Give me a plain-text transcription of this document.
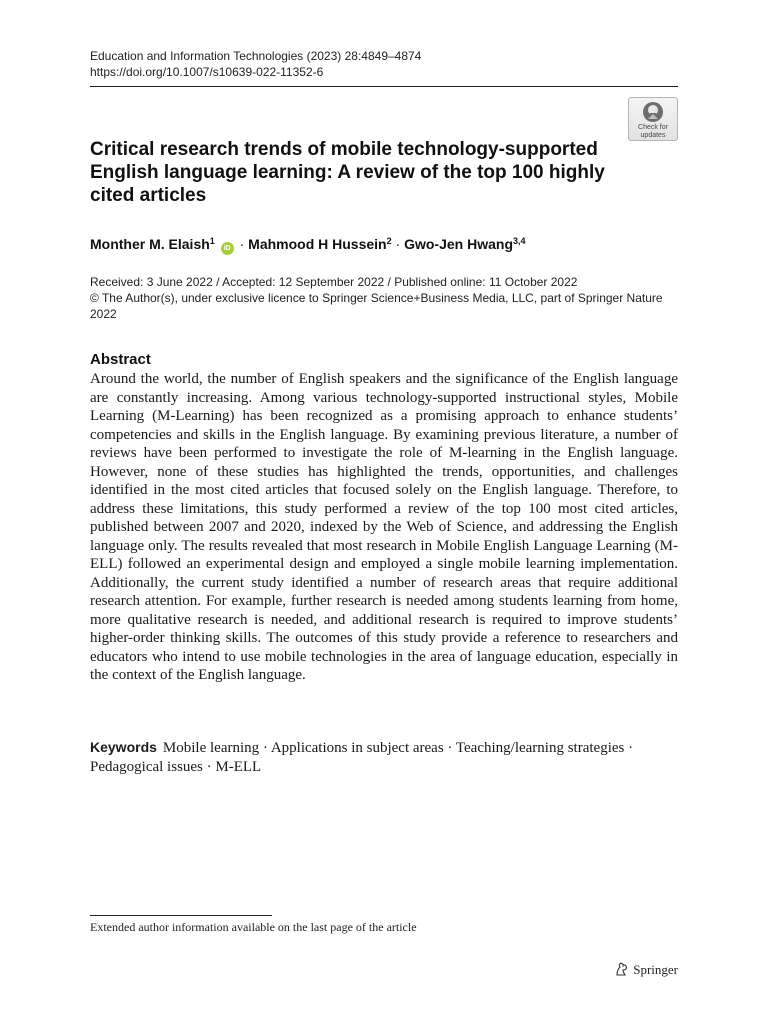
Education and Information Technologies (2023) 28:4849–4874
https://doi.org/10.1007/s10639-022-11352-6
Check for
updates
Critical research trends of mobile technology-supported English language learning: A review of the top 100 highly cited articles
Monther M. Elaish$^1$ iD · Mahmood H Hussein$^2$ · Gwo-Jen Hwang$^{3,4}$
Received: 3 June 2022 / Accepted: 12 September 2022 / Published online: 11 October 2022
© The Author(s), under exclusive licence to Springer Science+Business Media, LLC, part of Springer Nature 2022
Abstract

Around the world, the number of English speakers and the significance of the English language are constantly increasing. Among various technology-supported instructional styles, Mobile Learning (M-Learning) has been recognized as a promising approach to enhance students’ competencies and skills in the English language. By examining previous literature, a number of reviews have been performed to investigate the role of M-learning in the English language. However, none of these studies has highlighted the trends, opportunities, and challenges identified in the most cited articles that focused solely on the English language. Therefore, to address these limitations, this study performed a review of the top 100 most cited articles, published between 2007 and 2020, indexed by the Web of Science, and addressing the English language only. The results revealed that most research in Mobile English Language Learning (M-ELL) followed an experimental design and employed a single mobile learning implementation. Additionally, the current study identified a number of research areas that require additional research attention. For example, further research is needed among students learning from home, more qualitative research is needed, and additional research is required to improve students’ higher-order thinking skills. The outcomes of this study provide a reference to researchers and educators who intend to use mobile technologies in the area of language education, especially in the context of the English language.

Keywords Mobile learning · Applications in subject areas · Teaching/learning strategies · Pedagogical issues · M-ELL
Extended author information available on the last page of the article
Springer
